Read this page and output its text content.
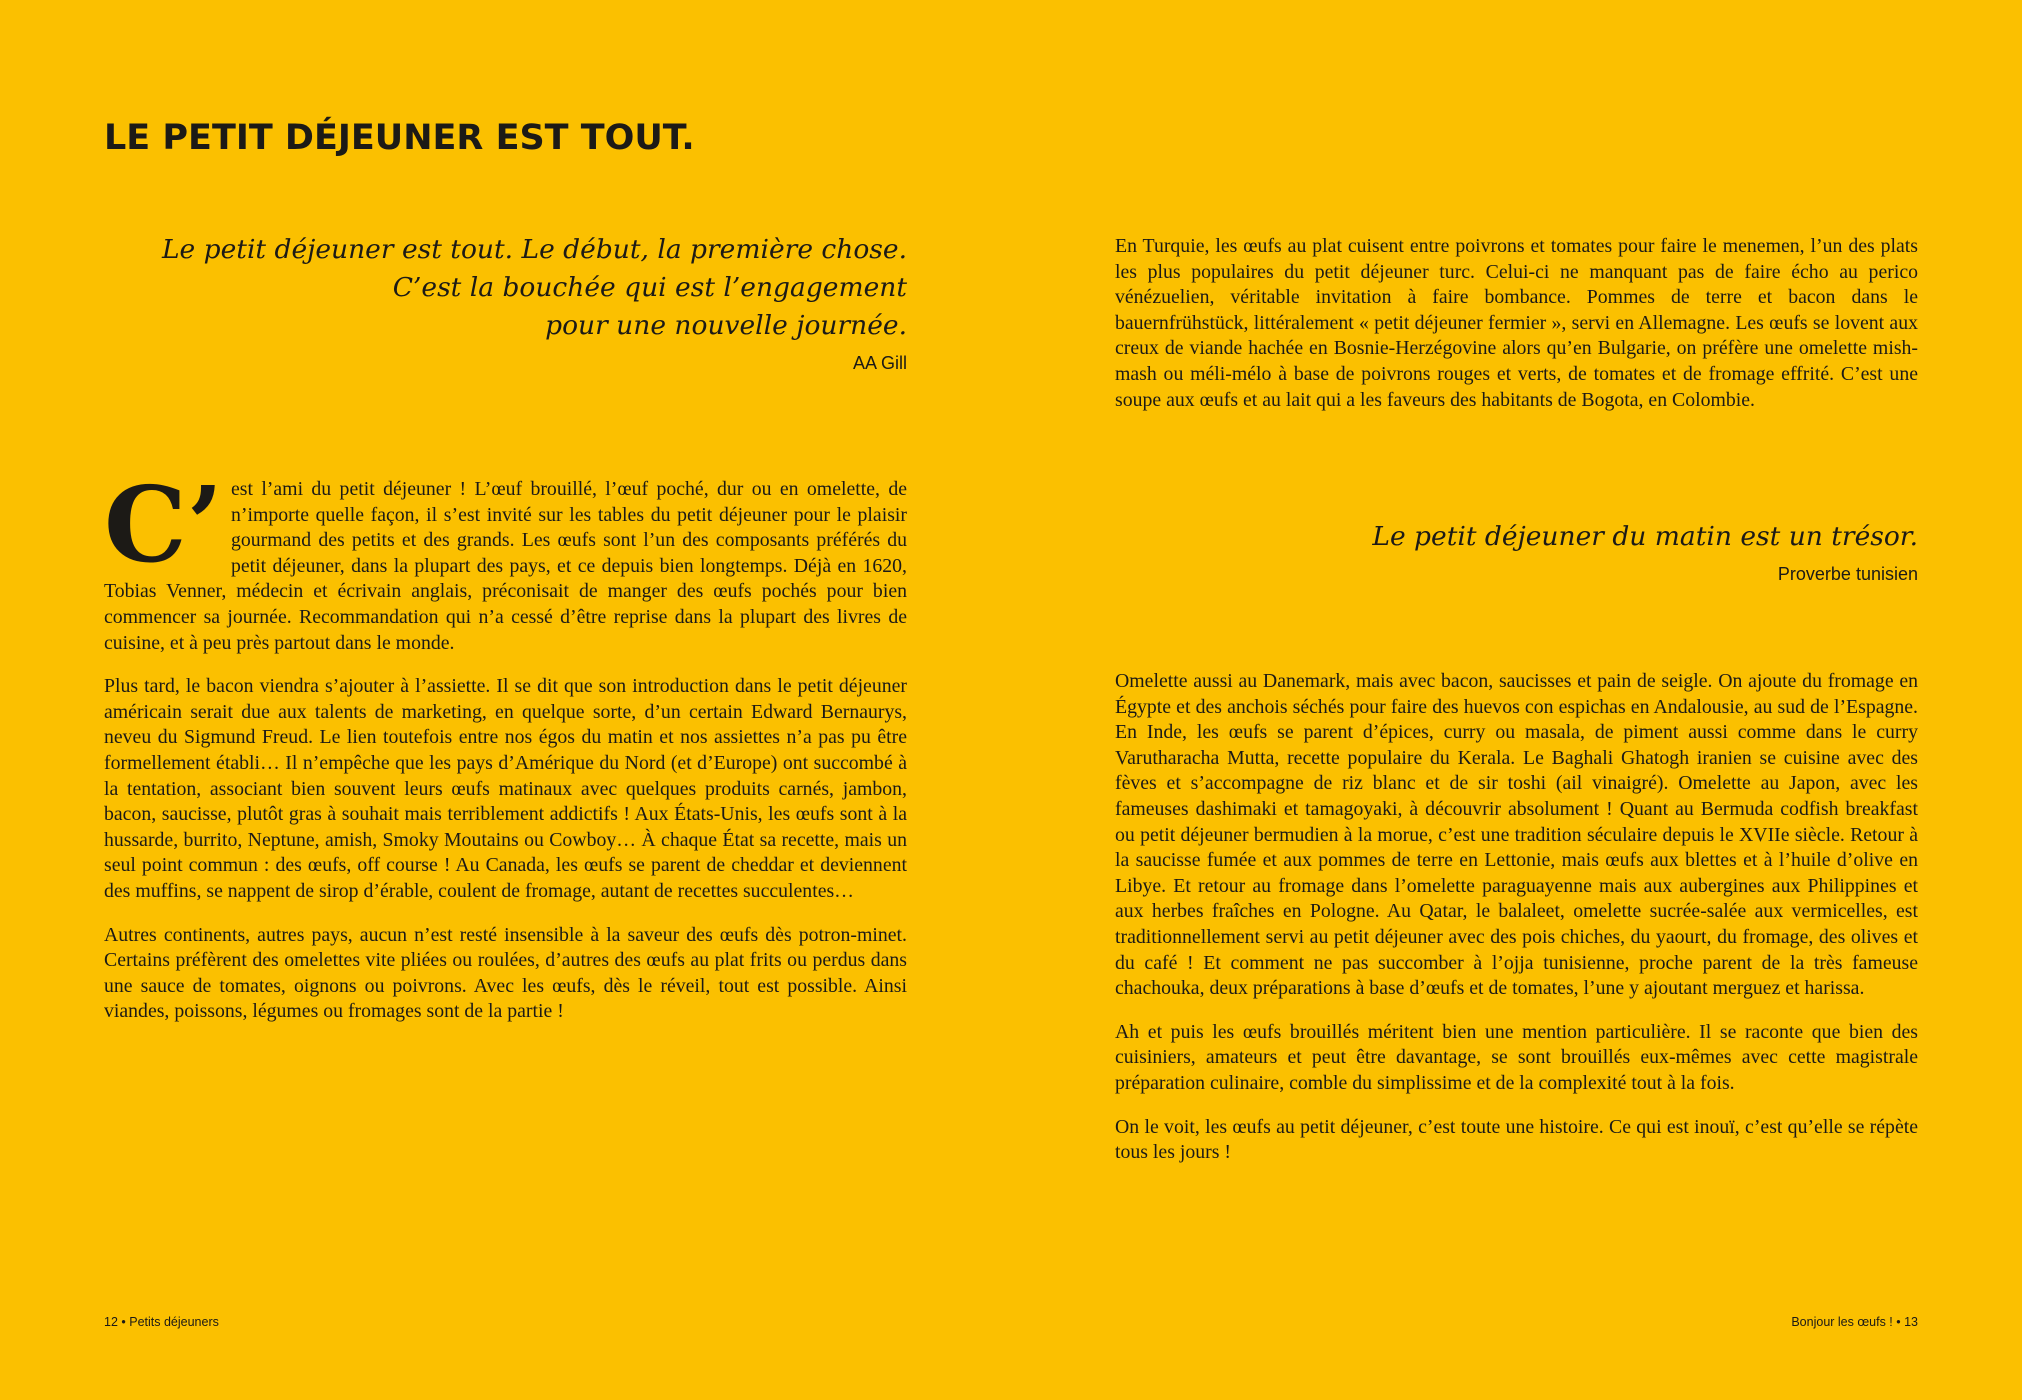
LE PETIT DÉJEUNER EST TOUT.
Le petit déjeuner est tout. Le début, la première chose.
C’est la bouchée qui est l’engagement
pour une nouvelle journée.
AA Gill

C’ est l’ami du petit déjeuner ! L’œuf brouillé, l’œuf poché, dur ou en omelette, de n’importe quelle façon, il s’est invité sur les tables du petit déjeuner pour le plaisir gourmand des petits et des grands. Les œufs sont l’un des composants préférés du petit déjeuner, dans la plupart des pays, et ce depuis bien longtemps. Déjà en 1620, Tobias Venner, médecin et écrivain anglais, préconisait de manger des œufs pochés pour bien commencer sa journée. Recommandation qui n’a cessé d’être reprise dans la plupart des livres de cuisine, et à peu près partout dans le monde.

Plus tard, le bacon viendra s’ajouter à l’assiette. Il se dit que son introduction dans le petit déjeuner américain serait due aux talents de marketing, en quelque sorte, d’un certain Edward Bernaurys, neveu du Sigmund Freud. Le lien toutefois entre nos égos du matin et nos assiettes n’a pas pu être formellement établi… Il n’empêche que les pays d’Amérique du Nord (et d’Europe) ont succombé à la tentation, associant bien souvent leurs œufs matinaux avec quelques produits carnés, jambon, bacon, saucisse, plutôt gras à souhait mais terriblement addictifs ! Aux États-Unis, les œufs sont à la hussarde, burrito, Neptune, amish, Smoky Moutains ou Cowboy… À chaque État sa recette, mais un seul point commun : des œufs, off course ! Au Canada, les œufs se parent de cheddar et deviennent des muffins, se nappent de sirop d’érable, coulent de fromage, autant de recettes succulentes…

Autres continents, autres pays, aucun n’est resté insensible à la saveur des œufs dès potron-minet. Certains préfèrent des omelettes vite pliées ou roulées, d’autres des œufs au plat frits ou perdus dans une sauce de tomates, oignons ou poivrons. Avec les œufs, dès le réveil, tout est possible. Ainsi viandes, poissons, légumes ou fromages sont de la partie !

12 • Petits déjeuners

En Turquie, les œufs au plat cuisent entre poivrons et tomates pour faire le menemen, l’un des plats les plus populaires du petit déjeuner turc. Celui-ci ne manquant pas de faire écho au perico vénézuelien, véritable invitation à faire bombance. Pommes de terre et bacon dans le bauernfrühstück, littéralement « petit déjeuner fermier », servi en Allemagne. Les œufs se lovent aux creux de viande hachée en Bosnie-Herzégovine alors qu’en Bulgarie, on préfère une omelette mish-mash ou méli-mélo à base de poivrons rouges et verts, de tomates et de fromage effrité. C’est une soupe aux œufs et au lait qui a les faveurs des habitants de Bogota, en Colombie.

Le petit déjeuner du matin est un trésor.
Proverbe tunisien

Omelette aussi au Danemark, mais avec bacon, saucisses et pain de seigle. On ajoute du fromage en Égypte et des anchois séchés pour faire des huevos con espichas en Andalousie, au sud de l’Espagne. En Inde, les œufs se parent d’épices, curry ou masala, de piment aussi comme dans le curry Varutharacha Mutta, recette populaire du Kerala. Le Baghali Ghatogh iranien se cuisine avec des fèves et s’accompagne de riz blanc et de sir toshi (ail vinaigré). Omelette au Japon, avec les fameuses dashimaki et tamagoyaki, à découvrir absolument ! Quant au Bermuda codfish breakfast ou petit déjeuner bermudien à la morue, c’est une tradition séculaire depuis le XVIIe siècle. Retour à la saucisse fumée et aux pommes de terre en Lettonie, mais œufs aux blettes et à l’huile d’olive en Libye. Et retour au fromage dans l’omelette paraguayenne mais aux aubergines aux Philippines et aux herbes fraîches en Pologne. Au Qatar, le balaleet, omelette sucrée-salée aux vermicelles, est traditionnellement servi au petit déjeuner avec des pois chiches, du yaourt, du fromage, des olives et du café ! Et comment ne pas succomber à l’ojja tunisienne, proche parent de la très fameuse chachouka, deux préparations à base d’œufs et de tomates, l’une y ajoutant merguez et harissa.

Ah et puis les œufs brouillés méritent bien une mention particulière. Il se raconte que bien des cuisiniers, amateurs et peut être davantage, se sont brouillés eux-mêmes avec cette magistrale préparation culinaire, comble du simplissime et de la complexité tout à la fois.

On le voit, les œufs au petit déjeuner, c’est toute une histoire. Ce qui est inouï, c’est qu’elle se répète tous les jours !

Bonjour les œufs ! • 13
